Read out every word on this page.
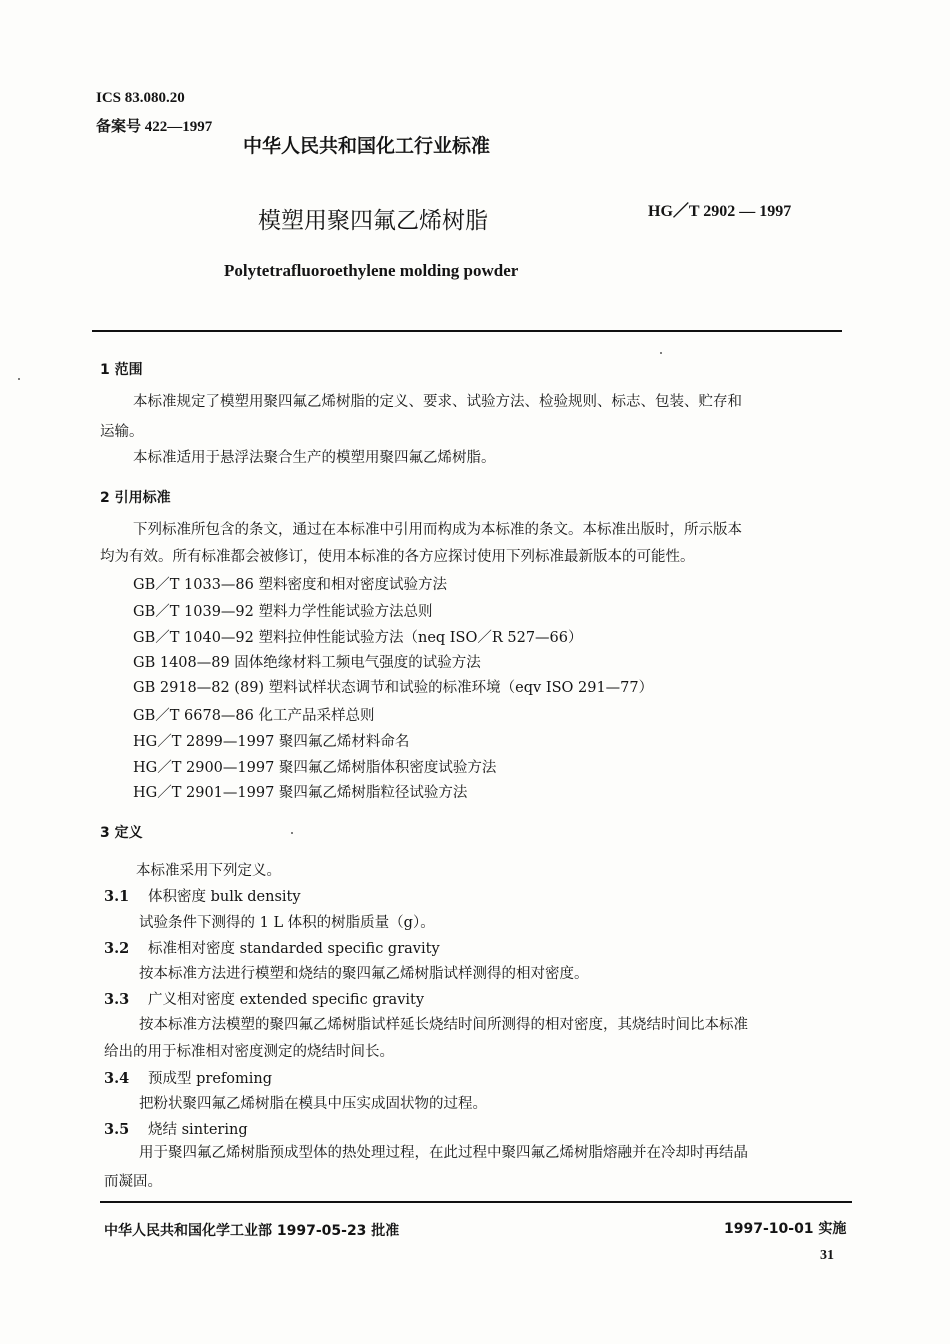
ICS 83.080.20
备案号 422—1997
中华人民共和国化工行业标准
模塑用聚四氟乙烯树脂	HG／T 2902 — 1997
Polytetrafluoroethylene molding powder
1 范围
本标准规定了模塑用聚四氟乙烯树脂的定义、要求、试验方法、检验规则、标志、包装、贮存和
运输。
本标准适用于悬浮法聚合生产的模塑用聚四氟乙烯树脂。
2 引用标准
下列标准所包含的条文，通过在本标准中引用而构成为本标准的条文。本标准出版时，所示版本
均为有效。所有标准都会被修订，使用本标准的各方应探讨使用下列标准最新版本的可能性。
GB／T 1033—86 塑料密度和相对密度试验方法
GB／T 1039—92 塑料力学性能试验方法总则
GB／T 1040—92 塑料拉伸性能试验方法（neq ISO／R 527—66）
GB 1408—89 固体绝缘材料工频电气强度的试验方法
GB 2918—82 (89) 塑料试样状态调节和试验的标准环境（eqv ISO 291—77）
GB／T 6678—86 化工产品采样总则
HG／T 2899—1997 聚四氟乙烯材料命名
HG／T 2900—1997 聚四氟乙烯树脂体积密度试验方法
HG／T 2901—1997 聚四氟乙烯树脂粒径试验方法
3 定义
本标准采用下列定义。
3.1 体积密度 bulk density
试验条件下测得的 1 L 体积的树脂质量（g）。
3.2 标准相对密度 standarded specific gravity
按本标准方法进行模塑和烧结的聚四氟乙烯树脂试样测得的相对密度。
3.3 广义相对密度 extended specific gravity
按本标准方法模塑的聚四氟乙烯树脂试样延长烧结时间所测得的相对密度，其烧结时间比本标准
给出的用于标准相对密度测定的烧结时间长。
3.4 预成型 prefoming
把粉状聚四氟乙烯树脂在模具中压实成固状物的过程。
3.5 烧结 sintering
用于聚四氟乙烯树脂预成型体的热处理过程，在此过程中聚四氟乙烯树脂熔融并在冷却时再结晶
而凝固。
中华人民共和国化学工业部 1997-05-23 批准	1997-10-01 实施
31
